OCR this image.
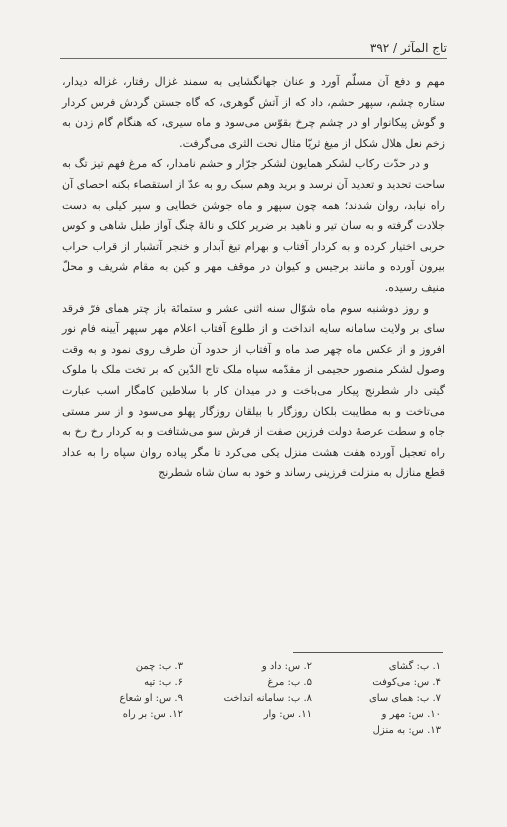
تاج المآثر / ٣٩٢

مهم و دفع آن مسلّم آورد و عنان جهانگشایی به سمند غزال رفتار، غزاله دیدار، ستاره چشم، سپهر حشم، داد که از آتش گوهری، که گاه جستن گردش فرس کردار و گوش پیکانوار او در چشم چرخ بقوّس می‌سود و ماه سیری، که هنگام گام زدن به زخم نعل هلال شکل از میغ ثریّا مثال نحت الثری می‌گرفت.

و در حدّت رکاب لشکر همایون لشکر جرّار و حشم نامدار، که مرغ فهم تیز تگ به ساحت تحدید و تعدید آن نرسد و برید وهم سبک رو به عدّ از استقصاء بکنه احصای آن راه نیابد، روان شدند؛ همه چون سپهر و ماه جوشن خطایی و سپر کیلی به دست جلادت گرفته و به سان تیر و ناهید بر ضریر کلک و نالهٔ چنگ آواز طبل شاهی و کوس حربی اختیار کرده و به کردار آفتاب و بهرام تیغ آبدار و خنجر آتشبار از قراب حراب بیرون آورده و مانند برجیس و کیوان در موقف مهر و کین به مقام شریف و محلّ منیف رسیده.

و روز دوشنبه سوم ماه شوّال سنه اثنی عشر و ستمائة باز چتر همای فرّ فرقد سای بر ولایت سامانه سایه انداخت و از طلوع آفتاب اعلام مهر سپهر آیینه فام نور افروز و از عکس ماه چهر صد ماه و آفتاب از حدود آن طرف روی نمود و به وقت وصول لشکر منصور حجیمی از مقدّمه سپاه ملک تاج الدّین که بر تخت ملک با ملوک گیتی دار شطرنج پیکار می‌باخت و در میدان کار با سلاطین کامگار اسب عبارت می‌تاخت و به مطایبت بلکان روزگار با بیلقان روزگار پهلو می‌سود و از سر مستی جاه و سطت عرصهٔ دولت فرزین صفت از فرش سو می‌شتافت و به کردار رخ رخ به راه تعجیل آورده هفت هشت منزل یکی می‌کرد تا مگر پیاده روان سپاه را به عداد قطع منازل به منزلت فرزینی رساند و خود به سان شاه شطرنج

۱. ب: گشای
۲. س: داد و
۳. ب: چمن
۴. س: می‌کوفت
۵. ب: مرغ
۶. ب: تیه
۷. ب: همای سای
۸. ب: سامانه انداخت
۹. س: او شعاع
۱۰. س: مهر و
۱۱. س: وار
۱۲. س: بر راه
۱۳. س: به منزل
